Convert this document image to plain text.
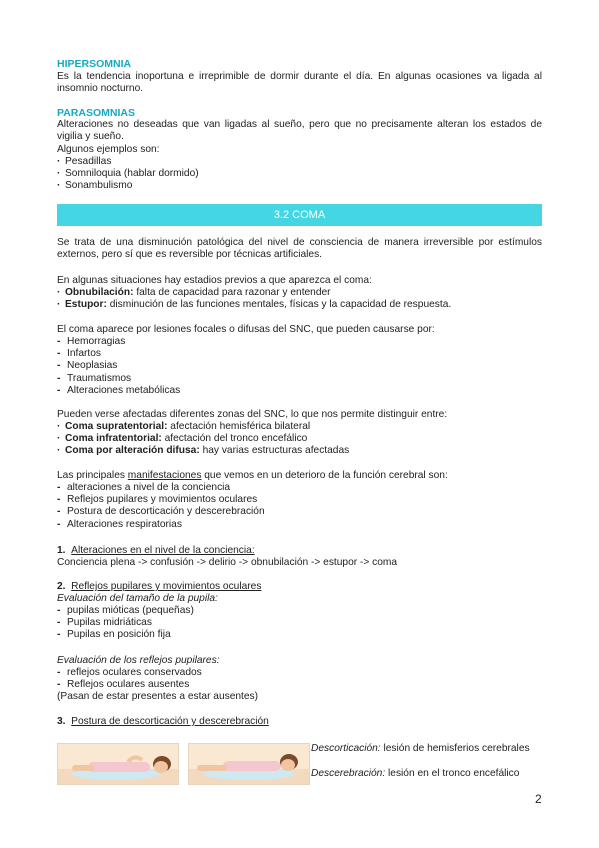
HIPERSOMNIA
Es la tendencia inoportuna e irreprimible de dormir durante el día. En algunas ocasiones va ligada al insomnio nocturno.
PARASOMNIAS
Alteraciones no deseadas que van ligadas al sueño, pero que no precisamente alteran los estados de vigilia y sueño.
Algunos ejemplos son:
· Pesadillas
· Somniloquia (hablar dormido)
· Sonambulismo
3.2 COMA
Se trata de una disminución patológica del nivel de consciencia de manera irreversible por estímulos externos, pero sí que es reversible por técnicas artificiales.
En algunas situaciones hay estadios previos a que aparezca el coma:
· Obnubilación: falta de capacidad para razonar y entender
· Estupor: disminución de las funciones mentales, físicas y la capacidad de respuesta.
El coma aparece por lesiones focales o difusas del SNC, que pueden causarse por:
- Hemorragias
- Infartos
- Neoplasias
- Traumatismos
- Alteraciones metabólicas
Pueden verse afectadas diferentes zonas del SNC, lo que nos permite distinguir entre:
· Coma supratentorial: afectación hemisférica bilateral
· Coma infratentorial: afectación del tronco encefálico
· Coma por alteración difusa: hay varias estructuras afectadas
Las principales manifestaciones que vemos en un deterioro de la función cerebral son:
- alteraciones a nivel de la conciencia
- Reflejos pupilares y movimientos oculares
- Postura de descorticación y descerebración
- Alteraciones respiratorias
1. Alteraciones en el nivel de la conciencia:
Conciencia plena -> confusión -> delirio -> obnubilación -> estupor -> coma
2. Reflejos pupilares y movimientos oculares
Evaluación del tamaño de la pupila:
- pupilas mióticas (pequeñas)
- Pupilas midriáticas
- Pupilas en posición fija
Evaluación de los reflejos pupilares:
- reflejos oculares conservados
- Reflejos oculares ausentes
(Pasan de estar presentes a estar ausentes)
3. Postura de descorticación y descerebración
Descorticación: lesión de hemisferios cerebrales
Descerebración: lesión en el tronco encefálico
2
